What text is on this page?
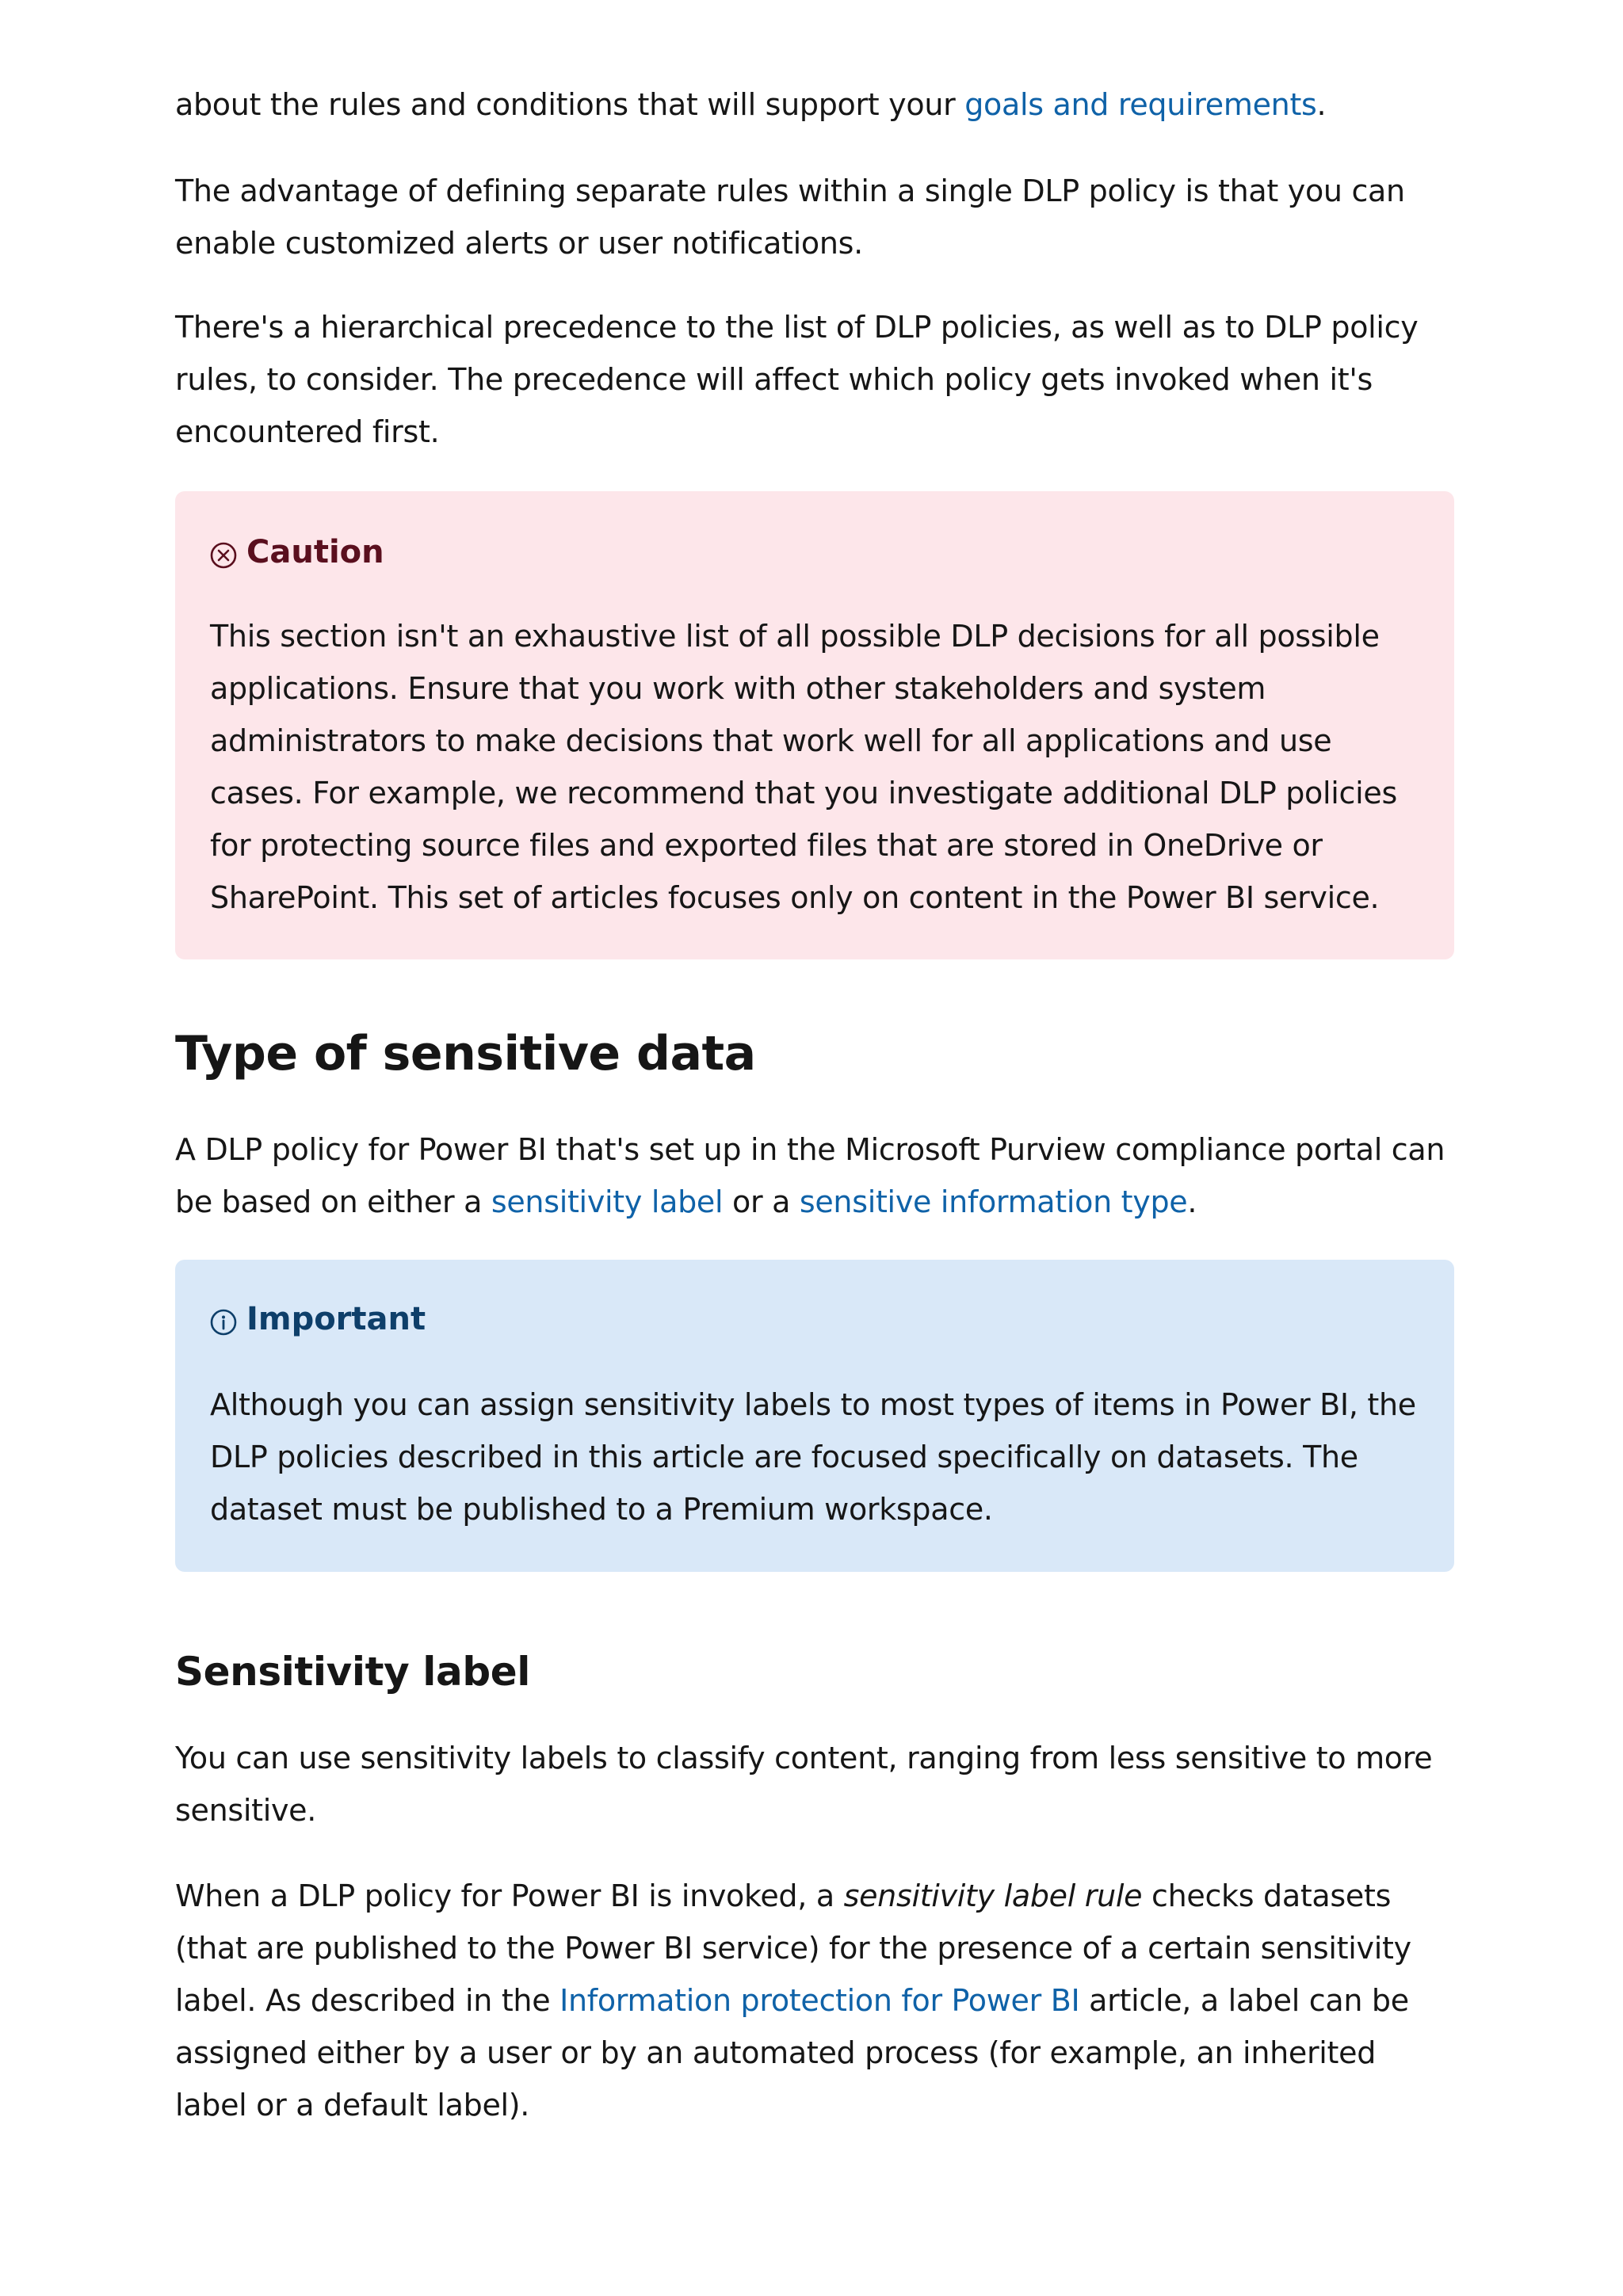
about the rules and conditions that will support your goals and requirements.

The advantage of defining separate rules within a single DLP policy is that you can enable customized alerts or user notifications.

There's a hierarchical precedence to the list of DLP policies, as well as to DLP policy rules, to consider. The precedence will affect which policy gets invoked when it's encountered first.

Caution

This section isn't an exhaustive list of all possible DLP decisions for all possible applications. Ensure that you work with other stakeholders and system administrators to make decisions that work well for all applications and use cases. For example, we recommend that you investigate additional DLP policies for protecting source files and exported files that are stored in OneDrive or SharePoint. This set of articles focuses only on content in the Power BI service.

Type of sensitive data

A DLP policy for Power BI that's set up in the Microsoft Purview compliance portal can be based on either a sensitivity label or a sensitive information type.

Important

Although you can assign sensitivity labels to most types of items in Power BI, the DLP policies described in this article are focused specifically on datasets. The dataset must be published to a Premium workspace.

Sensitivity label

You can use sensitivity labels to classify content, ranging from less sensitive to more sensitive.

When a DLP policy for Power BI is invoked, a sensitivity label rule checks datasets (that are published to the Power BI service) for the presence of a certain sensitivity label. As described in the Information protection for Power BI article, a label can be assigned either by a user or by an automated process (for example, an inherited label or a default label).
